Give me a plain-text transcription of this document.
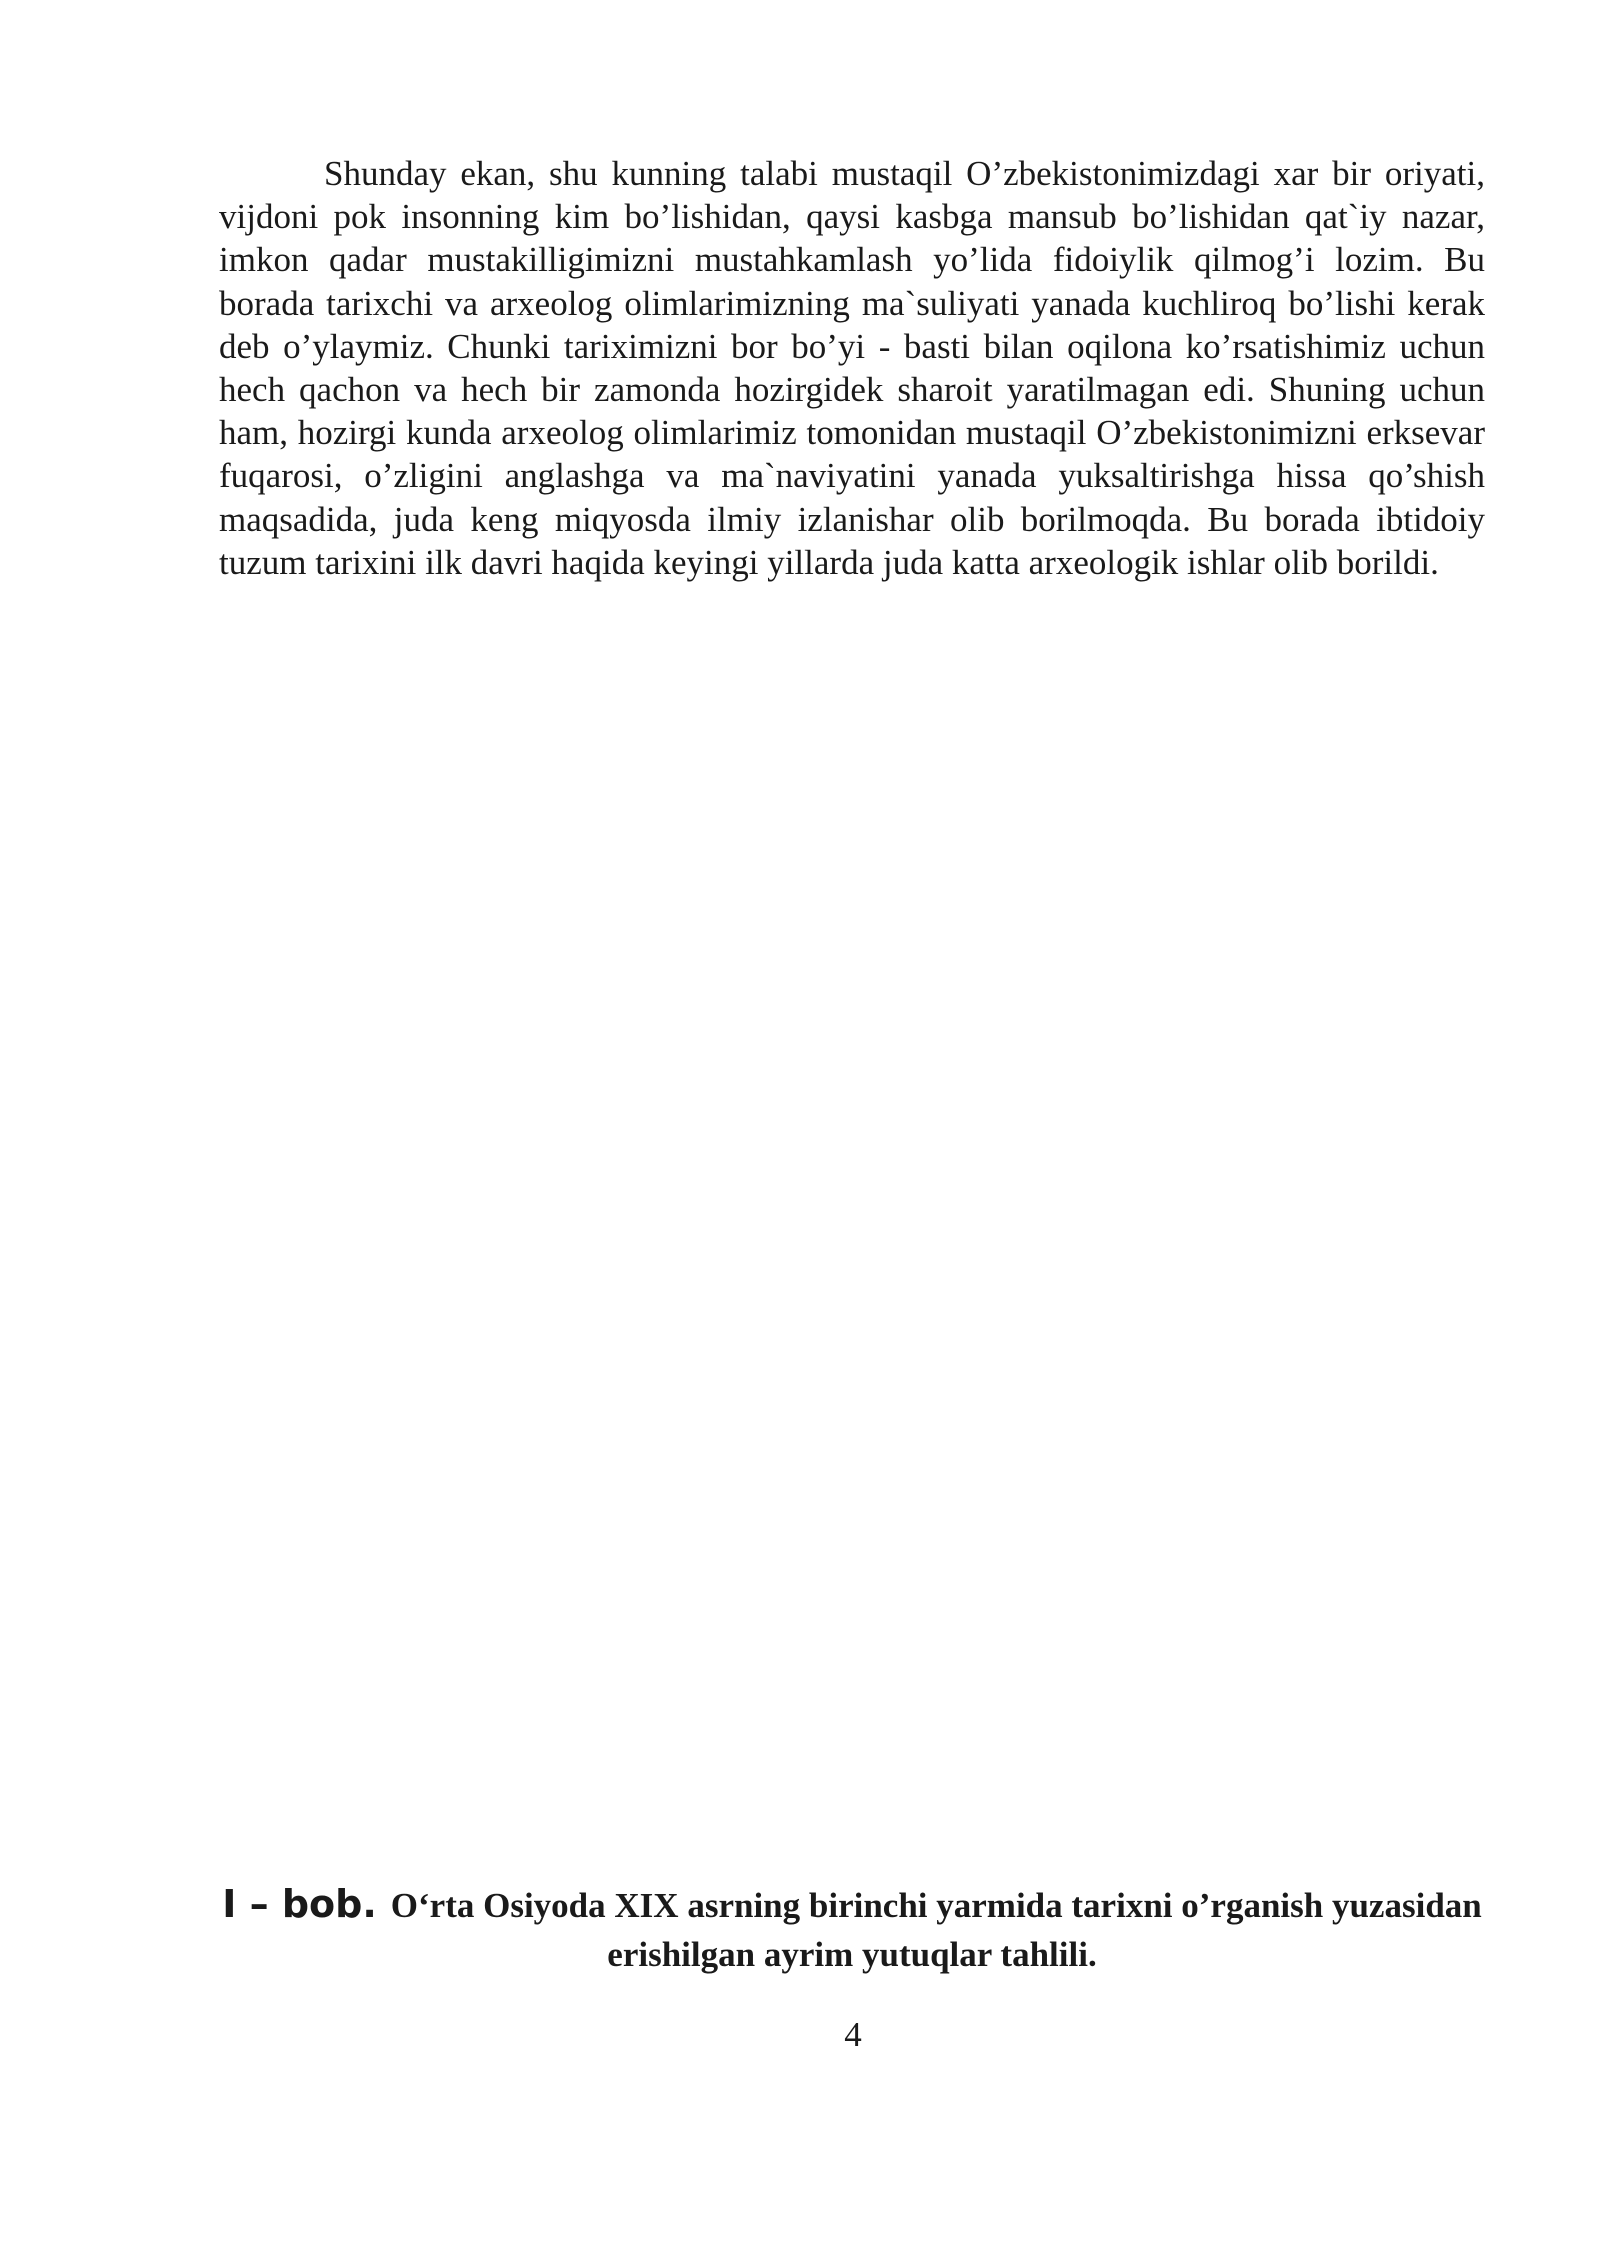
Shunday ekan, shu kunning talabi mustaqil O’zbekistonimizdagi xar bir oriyati, vijdoni pok insonning kim bo’lishidan, qaysi kasbga mansub bo’lishidan qat`iy nazar, imkon qadar mustakilligimizni mustahkamlash yo’lida fidoiylik qilmog’i lozim. Bu borada tarixchi va arxeolog olimlarimizning ma`suliyati yanada kuchliroq bo’lishi kerak deb o’ylaymiz. Chunki tariximizni bor bo’yi - basti bilan oqilona ko’rsatishimiz uchun hech qachon va hech bir zamonda hozirgidek sharoit yaratilmagan edi. Shuning uchun ham, hozirgi kunda arxeolog olimlarimiz tomonidan mustaqil O’zbekistonimizni erksevar fuqarosi, o’zligini anglashga va ma`naviyatini yanada yuksaltirishga hissa qo’shish maqsadida, juda keng miqyosda ilmiy izlanishar olib borilmoqda. Bu borada ibtidoiy tuzum tarixini ilk davri haqida keyingi yillarda juda katta arxeologik ishlar olib borildi.

I – bob. O‘rta Osiyoda XIX asrning birinchi yarmida tarixni o’rganish yuzasidan erishilgan ayrim yutuqlar tahlili.

4
